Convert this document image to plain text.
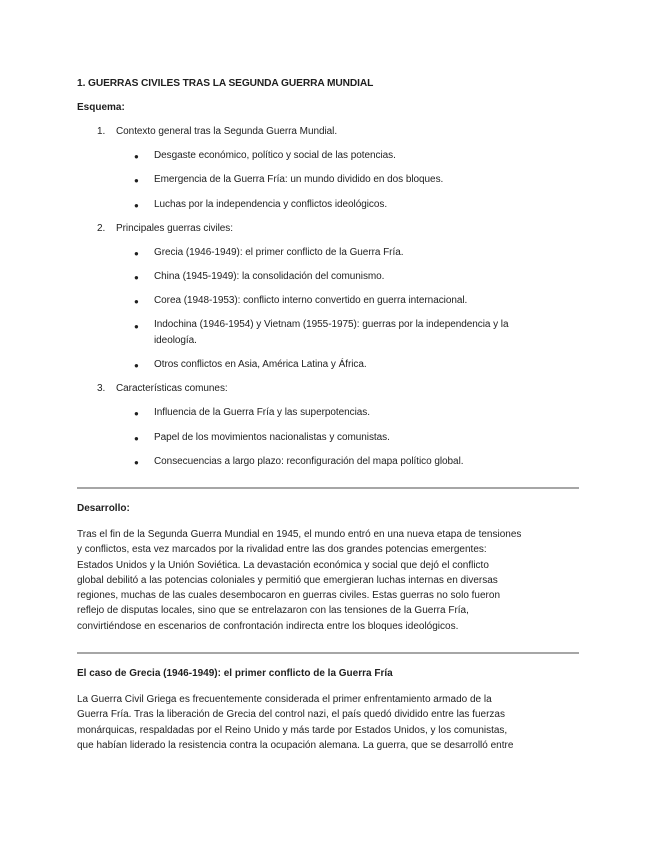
1. GUERRAS CIVILES TRAS LA SEGUNDA GUERRA MUNDIAL
Esquema:
1. Contexto general tras la Segunda Guerra Mundial.
● Desgaste económico, político y social de las potencias.
● Emergencia de la Guerra Fría: un mundo dividido en dos bloques.
● Luchas por la independencia y conflictos ideológicos.
2. Principales guerras civiles:
● Grecia (1946-1949): el primer conflicto de la Guerra Fría.
● China (1945-1949): la consolidación del comunismo.
● Corea (1948-1953): conflicto interno convertido en guerra internacional.
● Indochina (1946-1954) y Vietnam (1955-1975): guerras por la independencia y la
ideología.
● Otros conflictos en Asia, América Latina y África.
3. Características comunes:
● Influencia de la Guerra Fría y las superpotencias.
● Papel de los movimientos nacionalistas y comunistas.
● Consecuencias a largo plazo: reconfiguración del mapa político global.
Desarrollo:
Tras el fin de la Segunda Guerra Mundial en 1945, el mundo entró en una nueva etapa de tensiones
y conflictos, esta vez marcados por la rivalidad entre las dos grandes potencias emergentes:
Estados Unidos y la Unión Soviética. La devastación económica y social que dejó el conflicto
global debilitó a las potencias coloniales y permitió que emergieran luchas internas en diversas
regiones, muchas de las cuales desembocaron en guerras civiles. Estas guerras no solo fueron
reflejo de disputas locales, sino que se entrelazaron con las tensiones de la Guerra Fría,
convirtiéndose en escenarios de confrontación indirecta entre los bloques ideológicos.
El caso de Grecia (1946-1949): el primer conflicto de la Guerra Fría
La Guerra Civil Griega es frecuentemente considerada el primer enfrentamiento armado de la
Guerra Fría. Tras la liberación de Grecia del control nazi, el país quedó dividido entre las fuerzas
monárquicas, respaldadas por el Reino Unido y más tarde por Estados Unidos, y los comunistas,
que habían liderado la resistencia contra la ocupación alemana. La guerra, que se desarrolló entre
